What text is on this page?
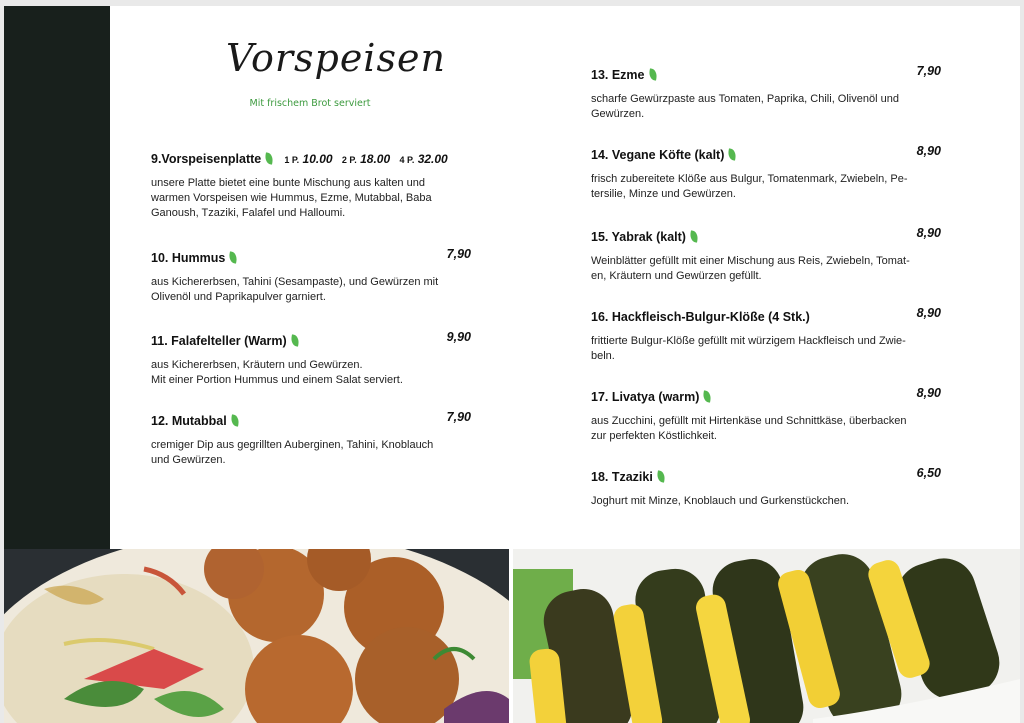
Vorspeisen
Mit frischem Brot serviert
9.Vorspeisenplatte	1 P. 10.00 2 P. 18.00 4 P. 32.00
unsere Platte bietet eine bunte Mischung aus kalten und
warmen Vorspeisen wie Hummus, Ezme, Mutabbal, Baba
Ganoush, Tzaziki, Falafel und Halloumi.
10. Hummus	7,90
aus Kichererbsen, Tahini (Sesampaste), und Gewürzen mit
Olivenöl und Paprikapulver garniert.
11. Falafelteller (Warm)	9,90
aus Kichererbsen, Kräutern und Gewürzen.
Mit einer Portion Hummus und einem Salat serviert.
12. Mutabbal	7,90
cremiger Dip aus gegrillten Auberginen, Tahini, Knoblauch
und Gewürzen.
13. Ezme	7,90
scharfe Gewürzpaste aus Tomaten, Paprika, Chili, Olivenöl und
Gewürzen.
14. Vegane Köfte (kalt)	8,90
frisch zubereitete Klöße aus Bulgur, Tomatenmark, Zwiebeln, Pe-
tersilie, Minze und Gewürzen.
15. Yabrak (kalt)	8,90
Weinblätter gefüllt mit einer Mischung aus Reis, Zwiebeln, Tomat-
en, Kräutern und Gewürzen gefüllt.
16. Hackfleisch-Bulgur-Klöße (4 Stk.)	8,90
frittierte Bulgur-Klöße gefüllt mit würzigem Hackfleisch und Zwie-
beln.
17. Livatya (warm)	8,90
aus Zucchini, gefüllt mit Hirtenkäse und Schnittkäse, überbacken
zur perfekten Köstlichkeit.
18. Tzaziki	6,50
Joghurt mit Minze, Knoblauch und Gurkenstückchen.
